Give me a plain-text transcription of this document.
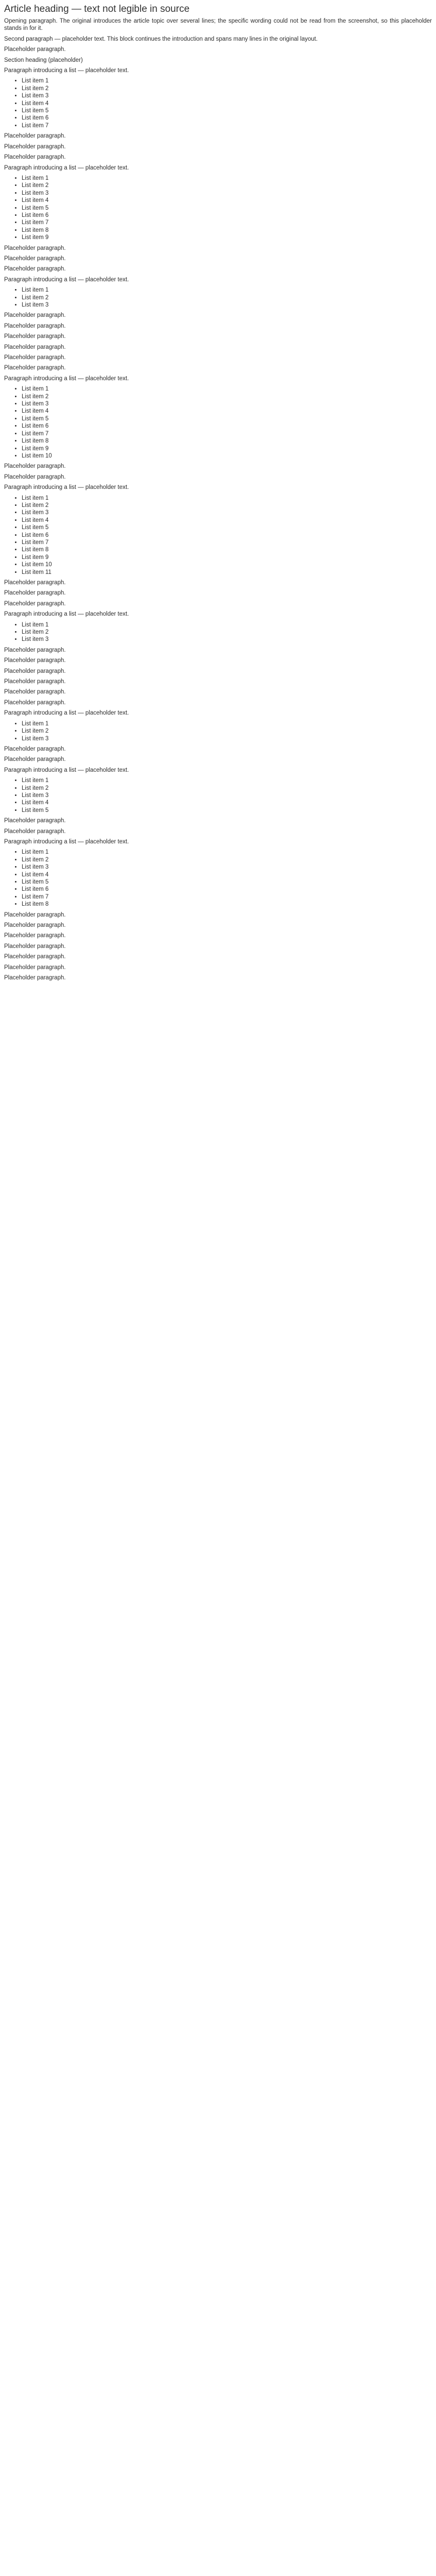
Article heading — text not legible in source

Opening paragraph. The original introduces the article topic over several lines; the specific wording could not be read from the screenshot, so this placeholder stands in for it.

Second paragraph — placeholder text. This block continues the introduction and spans many lines in the original layout.

Placeholder paragraph.

Section heading (placeholder)

Paragraph introducing a list — placeholder text.

• List item 1
• List item 2
• List item 3
• List item 4
• List item 5
• List item 6
• List item 7

Placeholder paragraph.

Placeholder paragraph.

Placeholder paragraph.

Paragraph introducing a list — placeholder text.

• List item 1
• List item 2
• List item 3
• List item 4
• List item 5
• List item 6
• List item 7
• List item 8
• List item 9

Placeholder paragraph.

Placeholder paragraph.

Placeholder paragraph.

Paragraph introducing a list — placeholder text.

• List item 1
• List item 2
• List item 3

Placeholder paragraph.

Placeholder paragraph.

Placeholder paragraph.

Placeholder paragraph.

Placeholder paragraph.

Placeholder paragraph.

Paragraph introducing a list — placeholder text.

• List item 1
• List item 2
• List item 3
• List item 4
• List item 5
• List item 6
• List item 7
• List item 8
• List item 9
• List item 10

Placeholder paragraph.

Placeholder paragraph.

Paragraph introducing a list — placeholder text.

• List item 1
• List item 2
• List item 3
• List item 4
• List item 5
• List item 6
• List item 7
• List item 8
• List item 9
• List item 10
• List item 11

Placeholder paragraph.

Placeholder paragraph.

Placeholder paragraph.

Paragraph introducing a list — placeholder text.

• List item 1
• List item 2
• List item 3

Placeholder paragraph.

Placeholder paragraph.

Placeholder paragraph.

Placeholder paragraph.

Placeholder paragraph.

Placeholder paragraph.

Paragraph introducing a list — placeholder text.

• List item 1
• List item 2
• List item 3

Placeholder paragraph.

Placeholder paragraph.

Paragraph introducing a list — placeholder text.

• List item 1
• List item 2
• List item 3
• List item 4
• List item 5

Placeholder paragraph.

Placeholder paragraph.

Paragraph introducing a list — placeholder text.

• List item 1
• List item 2
• List item 3
• List item 4
• List item 5
• List item 6
• List item 7
• List item 8

Placeholder paragraph.

Placeholder paragraph.

Placeholder paragraph.

Placeholder paragraph.

Placeholder paragraph.

Placeholder paragraph.

Placeholder paragraph.
